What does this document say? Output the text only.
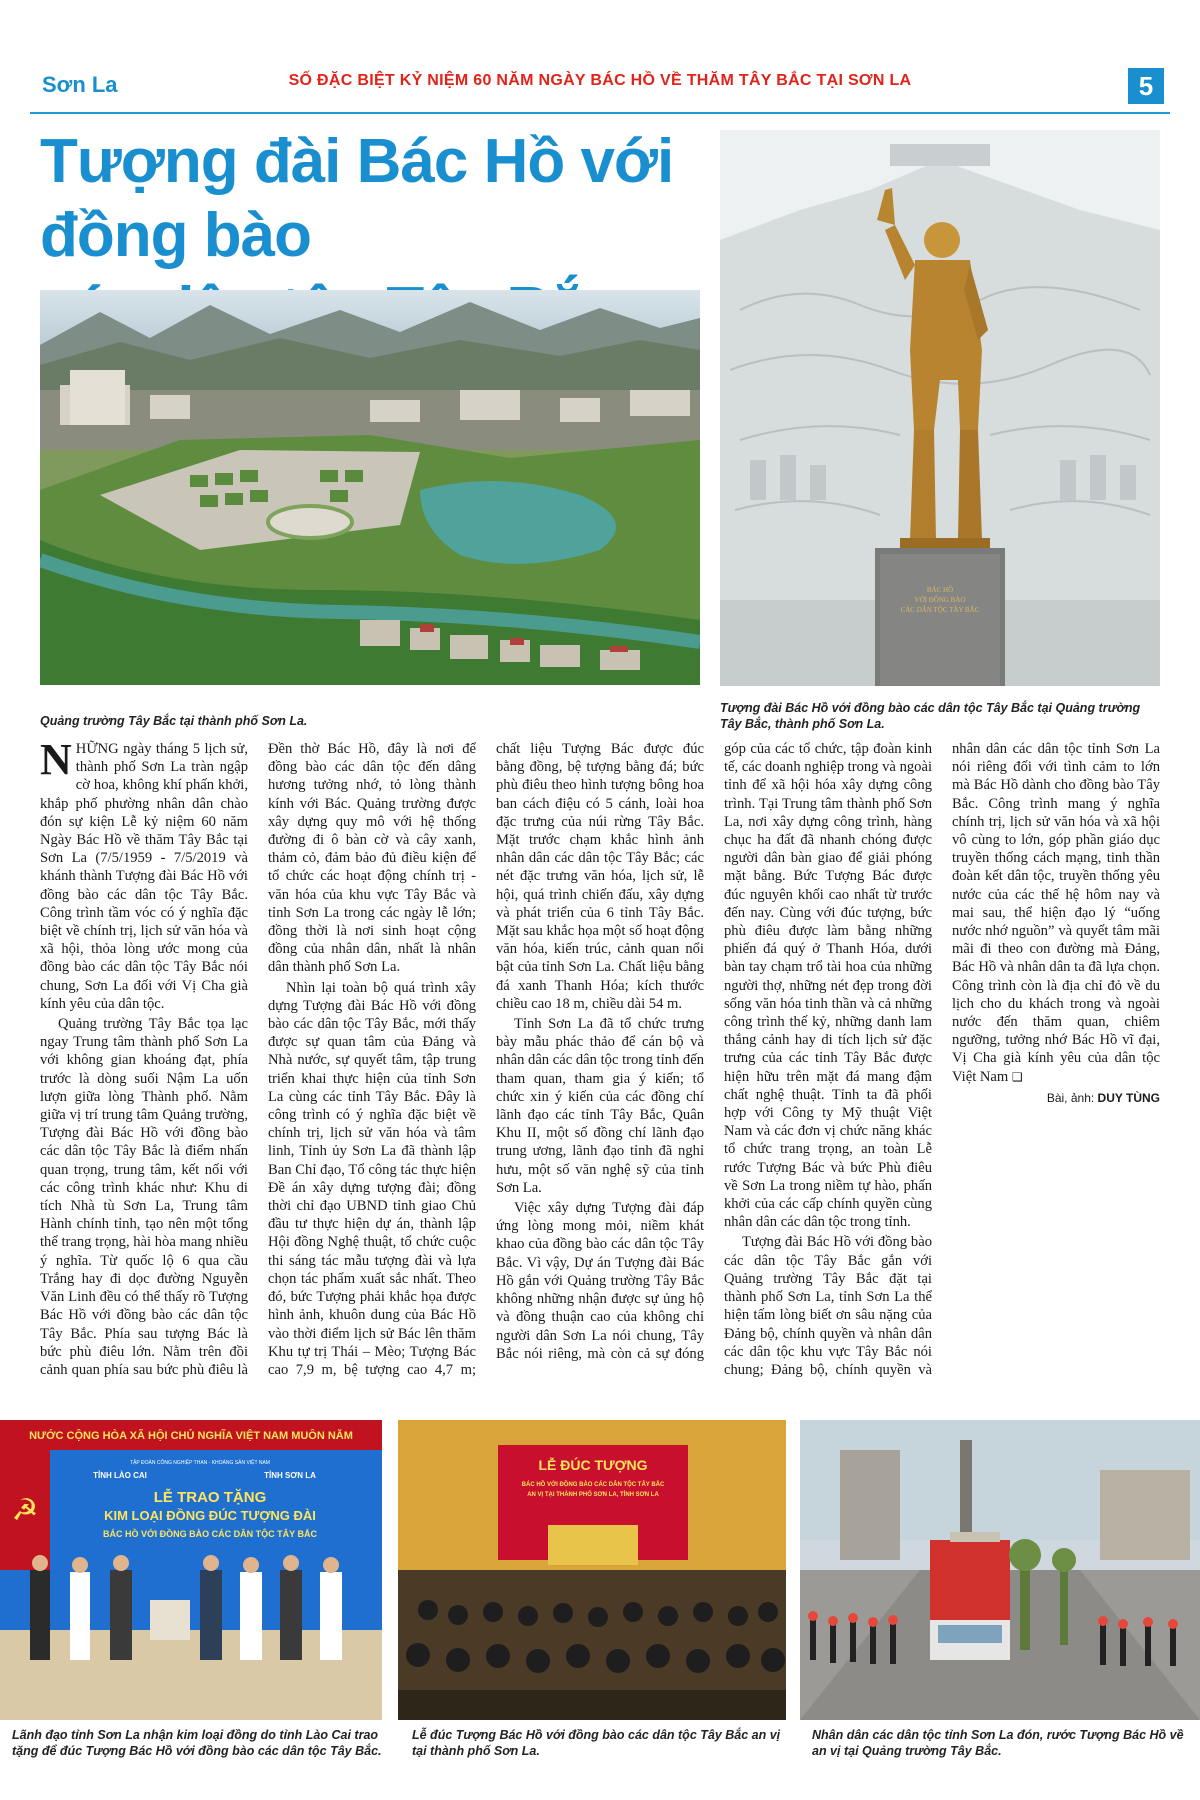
Sơn La	SỐ ĐẶC BIỆT KỶ NIỆM 60 NĂM NGÀY BÁC HỒ VỀ THĂM TÂY BẮC TẠI SƠN LA	5
Tượng đài Bác Hồ với đồng bào
Quảng trường Tây Bắc tại thành phố Sơn La.
BÁC HỒ
VỚI ĐỒNG BÀO
CÁC DÂN TỘC TÂY BẮC
Tượng đài Bác Hồ với đồng bào các dân tộc Tây Bắc tại Quảng trường Tây Bắc, thành phố Sơn La.

NHỮNG ngày tháng 5 lịch sử, thành phố Sơn La tràn ngập cờ hoa, không khí phấn khởi, khắp phố phường nhân dân chào đón sự kiện Lễ kỷ niệm 60 năm Ngày Bác Hồ về thăm Tây Bắc tại Sơn La (7/5/1959 - 7/5/2019 và khánh thành Tượng đài Bác Hồ với đồng bào các dân tộc Tây Bắc. Công trình tầm vóc có ý nghĩa đặc biệt về chính trị, lịch sử văn hóa và xã hội, thỏa lòng ước mong của đồng bào các dân tộc Tây Bắc nói chung, Sơn La đối với Vị Cha già kính yêu của dân tộc.

Quảng trường Tây Bắc tọa lạc ngay Trung tâm thành phố Sơn La với không gian khoáng đạt, phía trước là dòng suối Nậm La uốn lượn giữa lòng Thành phố. Nằm giữa vị trí trung tâm Quảng trường, Tượng đài Bác Hồ với đồng bào các dân tộc Tây Bắc là điểm nhấn quan trọng, trung tâm, kết nối với các công trình khác như: Khu di tích Nhà tù Sơn La, Trung tâm Hành chính tỉnh, tạo nên một tổng thể trang trọng, hài hòa mang nhiều ý nghĩa. Từ quốc lộ 6 qua cầu Trắng hay đi dọc đường Nguyễn Văn Linh đều có thể thấy rõ Tượng Bác Hồ với đồng bào các dân tộc Tây Bắc. Phía sau tượng Bác là bức phù điêu lớn. Nằm trên đồi cảnh quan phía sau bức phù điêu là Đền thờ Bác Hồ, đây là nơi để đồng bào các dân tộc đến dâng hương tưởng nhớ, tỏ lòng thành kính với Bác. Quảng trường được xây dựng quy mô với hệ thống đường đi ô bàn cờ và cây xanh, thảm cỏ, đảm bảo đủ điều kiện để tổ chức các hoạt động chính trị - văn hóa của khu vực Tây Bắc và tỉnh Sơn La trong các ngày lễ lớn; đồng thời là nơi sinh hoạt cộng đồng của nhân dân, nhất là nhân dân thành phố Sơn La.

Nhìn lại toàn bộ quá trình xây dựng Tượng đài Bác Hồ với đồng bào các dân tộc Tây Bắc, mới thấy được sự quan tâm của Đảng và Nhà nước, sự quyết tâm, tập trung triển khai thực hiện của tỉnh Sơn La cùng các tỉnh Tây Bắc. Đây là công trình có ý nghĩa đặc biệt về chính trị, lịch sử văn hóa và tâm linh, Tỉnh ủy Sơn La đã thành lập Ban Chỉ đạo, Tổ công tác thực hiện Đề án xây dựng tượng đài; đồng thời chỉ đạo UBND tỉnh giao Chủ đầu tư thực hiện dự án, thành lập Hội đồng Nghệ thuật, tổ chức cuộc thi sáng tác mẫu tượng đài và lựa chọn tác phẩm xuất sắc nhất. Theo đó, bức Tượng phải khắc họa được hình ảnh, khuôn dung của Bác Hồ vào thời điểm lịch sử Bác lên thăm Khu tự trị Thái – Mèo; Tượng Bác cao 7,9 m, bệ tượng cao 4,7 m; chất liệu Tượng Bác được đúc bằng đồng, bệ tượng bằng đá; bức phù điêu theo hình tượng bông hoa ban cách điệu có 5 cánh, loài hoa đặc trưng của núi rừng Tây Bắc. Mặt trước chạm khắc hình ảnh nhân dân các dân tộc Tây Bắc; các nét đặc trưng văn hóa, lịch sử, lễ hội, quá trình chiến đấu, xây dựng và phát triển của 6 tỉnh Tây Bắc. Mặt sau khắc họa một số hoạt động văn hóa, kiến trúc, cảnh quan nổi bật của tỉnh Sơn La. Chất liệu bằng đá xanh Thanh Hóa; kích thước chiều cao 18 m, chiều dài 54 m.

Tỉnh Sơn La đã tổ chức trưng bày mẫu phác thảo để cán bộ và nhân dân các dân tộc trong tỉnh đến tham quan, tham gia ý kiến; tổ chức xin ý kiến của các đồng chí lãnh đạo các tỉnh Tây Bắc, Quân Khu II, một số đồng chí lãnh đạo trung ương, lãnh đạo tỉnh đã nghỉ hưu, một số văn nghệ sỹ của tỉnh Sơn La.

Việc xây dựng Tượng đài đáp ứng lòng mong mỏi, niềm khát khao của đồng bào các dân tộc Tây Bắc. Vì vậy, Dự án Tượng đài Bác Hồ gắn với Quảng trường Tây Bắc không những nhận được sự ủng hộ và đồng thuận cao của không chỉ người dân Sơn La nói chung, Tây Bắc nói riêng, mà còn cả sự đóng góp của các tổ chức, tập đoàn kinh tế, các doanh nghiệp trong và ngoài tỉnh để xã hội hóa xây dựng công trình. Tại Trung tâm thành phố Sơn La, nơi xây dựng công trình, hàng chục ha đất đã nhanh chóng được người dân bàn giao để giải phóng mặt bằng. Bức Tượng Bác được đúc nguyên khối cao nhất từ trước đến nay. Cùng với đúc tượng, bức phù điêu được làm bằng những phiến đá quý ở Thanh Hóa, dưới bàn tay chạm trổ tài hoa của những người thợ, những nét đẹp trong đời sống văn hóa tinh thần và cả những công trình thế kỷ, những danh lam thắng cảnh hay di tích lịch sử đặc trưng của các tỉnh Tây Bắc được hiện hữu trên mặt đá mang đậm chất nghệ thuật. Tỉnh ta đã phối hợp với Công ty Mỹ thuật Việt Nam và các đơn vị chức năng khác tổ chức trang trọng, an toàn Lễ rước Tượng Bác và bức Phù điêu về Sơn La trong niềm tự hào, phấn khởi của các cấp chính quyền cùng nhân dân các dân tộc trong tỉnh.

Tượng đài Bác Hồ với đồng bào các dân tộc Tây Bắc gắn với Quảng trường Tây Bắc đặt tại thành phố Sơn La, tỉnh Sơn La thể hiện tấm lòng biết ơn sâu nặng của Đảng bộ, chính quyền và nhân dân các dân tộc khu vực Tây Bắc nói chung; Đảng bộ, chính quyền và nhân dân các dân tộc tỉnh Sơn La nói riêng đối với tình cảm to lớn mà Bác Hồ dành cho đồng bào Tây Bắc. Công trình mang ý nghĩa chính trị, lịch sử văn hóa và xã hội vô cùng to lớn, góp phần giáo dục truyền thống cách mạng, tinh thần đoàn kết dân tộc, truyền thống yêu nước của các thế hệ hôm nay và mai sau, thể hiện đạo lý “uống nước nhớ nguồn” và quyết tâm mãi mãi đi theo con đường mà Đảng, Bác Hồ và nhân dân ta đã lựa chọn. Công trình còn là địa chỉ đỏ về du lịch cho du khách trong và ngoài nước đến thăm quan, chiêm ngưỡng, tưởng nhớ Bác Hồ vĩ đại, Vị Cha già kính yêu của dân tộc Việt Nam ❑

Bài, ảnh: DUY TÙNG
NƯỚC CỘNG HÒA XÃ HỘI CHỦ NGHĨA VIỆT NAM MUÔN NĂM
TẬP ĐOÀN CÔNG NGHIỆP THAN - KHOÁNG SẢN VIỆT NAM
TỈNH LÀO CAI	TỈNH SƠN LA
LỄ TRAO TẶNG
KIM LOẠI ĐỒNG ĐÚC TƯỢNG ĐÀI
BÁC HỒ VỚI ĐỒNG BÀO CÁC DÂN TỘC TÂY BẮC
☭
Lãnh đạo tỉnh Sơn La nhận kim loại đồng do tỉnh Lào Cai trao tặng để đúc Tượng Bác Hồ với đồng bào các dân tộc Tây Bắc.
LỄ ĐÚC TƯỢNG
BÁC HỒ VỚI ĐỒNG BÀO CÁC DÂN TỘC TÂY BẮC
AN VỊ TẠI THÀNH PHỐ SƠN LA, TỈNH SƠN LA
Lễ đúc Tượng Bác Hồ với đồng bào các dân tộc Tây Bắc an vị tại thành phố Sơn La.
Nhân dân các dân tộc tỉnh Sơn La đón, rước Tượng Bác Hồ về an vị tại Quảng trường Tây Bắc.
